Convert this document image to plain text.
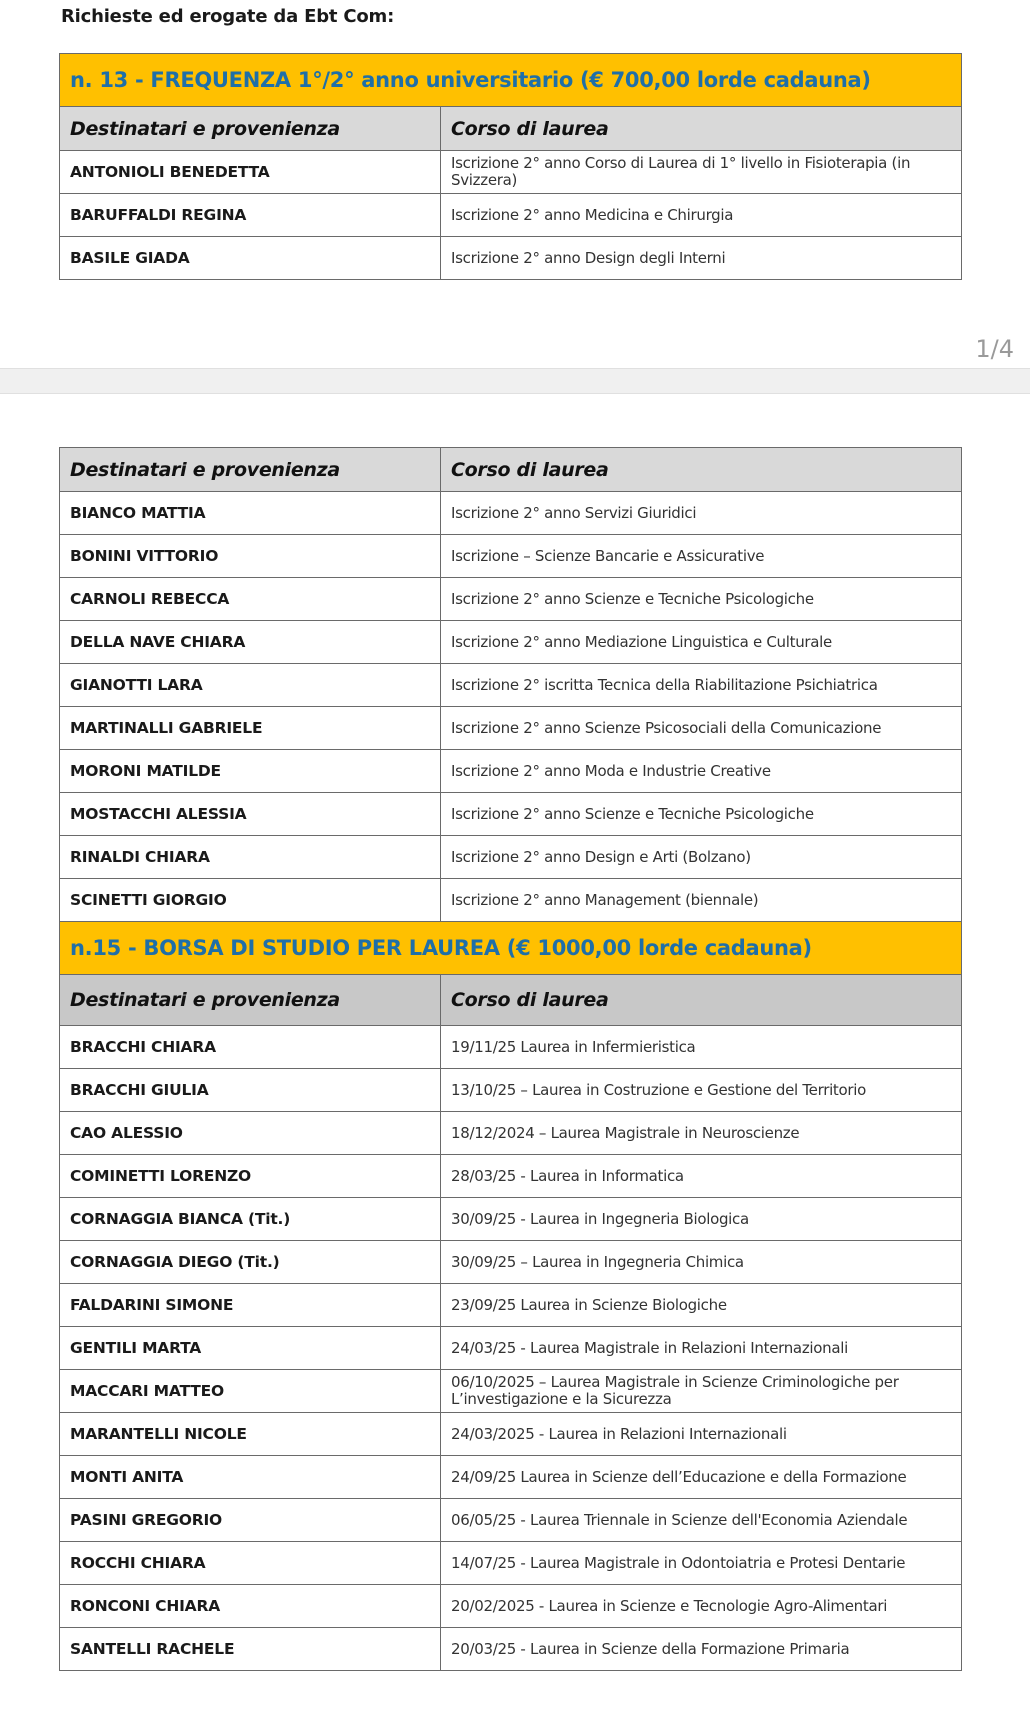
Richieste ed erogate da Ebt Com:
n. 13 - FREQUENZA 1°/2° anno universitario (€ 700,00 lorde cadauna)	
Destinatari e provenienza	Corso di laurea
ANTONIOLI BENEDETTA	Iscrizione 2° anno Corso di Laurea di 1° livello in Fisioterapia (in Svizzera)
BARUFFALDI REGINA	Iscrizione 2° anno Medicina e Chirurgia
BASILE GIADA	Iscrizione 2° anno Design degli Interni
1/4
Destinatari e provenienza	Corso di laurea
BIANCO MATTIA	Iscrizione 2° anno Servizi Giuridici
BONINI VITTORIO	Iscrizione – Scienze Bancarie e Assicurative
CARNOLI REBECCA	Iscrizione 2° anno Scienze e Tecniche Psicologiche
DELLA NAVE CHIARA	Iscrizione 2° anno Mediazione Linguistica e Culturale
GIANOTTI LARA	Iscrizione 2° iscritta Tecnica della Riabilitazione Psichiatrica
MARTINALLI GABRIELE	Iscrizione 2° anno Scienze Psicosociali della Comunicazione
MORONI MATILDE	Iscrizione 2° anno Moda e Industrie Creative
MOSTACCHI ALESSIA	Iscrizione 2° anno Scienze e Tecniche Psicologiche
RINALDI CHIARA	Iscrizione 2° anno Design e Arti (Bolzano)
SCINETTI GIORGIO	Iscrizione 2° anno Management (biennale)
n.15 - BORSA DI STUDIO PER LAUREA (€ 1000,00 lorde cadauna)	
Destinatari e provenienza	Corso di laurea
BRACCHI CHIARA	19/11/25 Laurea in Infermieristica
BRACCHI GIULIA	13/10/25 – Laurea in Costruzione e Gestione del Territorio
CAO ALESSIO	18/12/2024 – Laurea Magistrale in Neuroscienze
COMINETTI LORENZO	28/03/25 - Laurea in Informatica
CORNAGGIA BIANCA (Tit.)	30/09/25 - Laurea in Ingegneria Biologica
CORNAGGIA DIEGO (Tit.)	30/09/25 – Laurea in Ingegneria Chimica
FALDARINI SIMONE	23/09/25 Laurea in Scienze Biologiche
GENTILI MARTA	24/03/25 - Laurea Magistrale in Relazioni Internazionali
MACCARI MATTEO	06/10/2025 – Laurea Magistrale in Scienze Criminologiche per L’investigazione e la Sicurezza
MARANTELLI NICOLE	24/03/2025 - Laurea in Relazioni Internazionali
MONTI ANITA	24/09/25 Laurea in Scienze dell’Educazione e della Formazione
PASINI GREGORIO	06/05/25 - Laurea Triennale in Scienze dell'Economia Aziendale
ROCCHI CHIARA	14/07/25 - Laurea Magistrale in Odontoiatria e Protesi Dentarie
RONCONI CHIARA	20/02/2025 - Laurea in Scienze e Tecnologie Agro-Alimentari
SANTELLI RACHELE	20/03/25 - Laurea in Scienze della Formazione Primaria
